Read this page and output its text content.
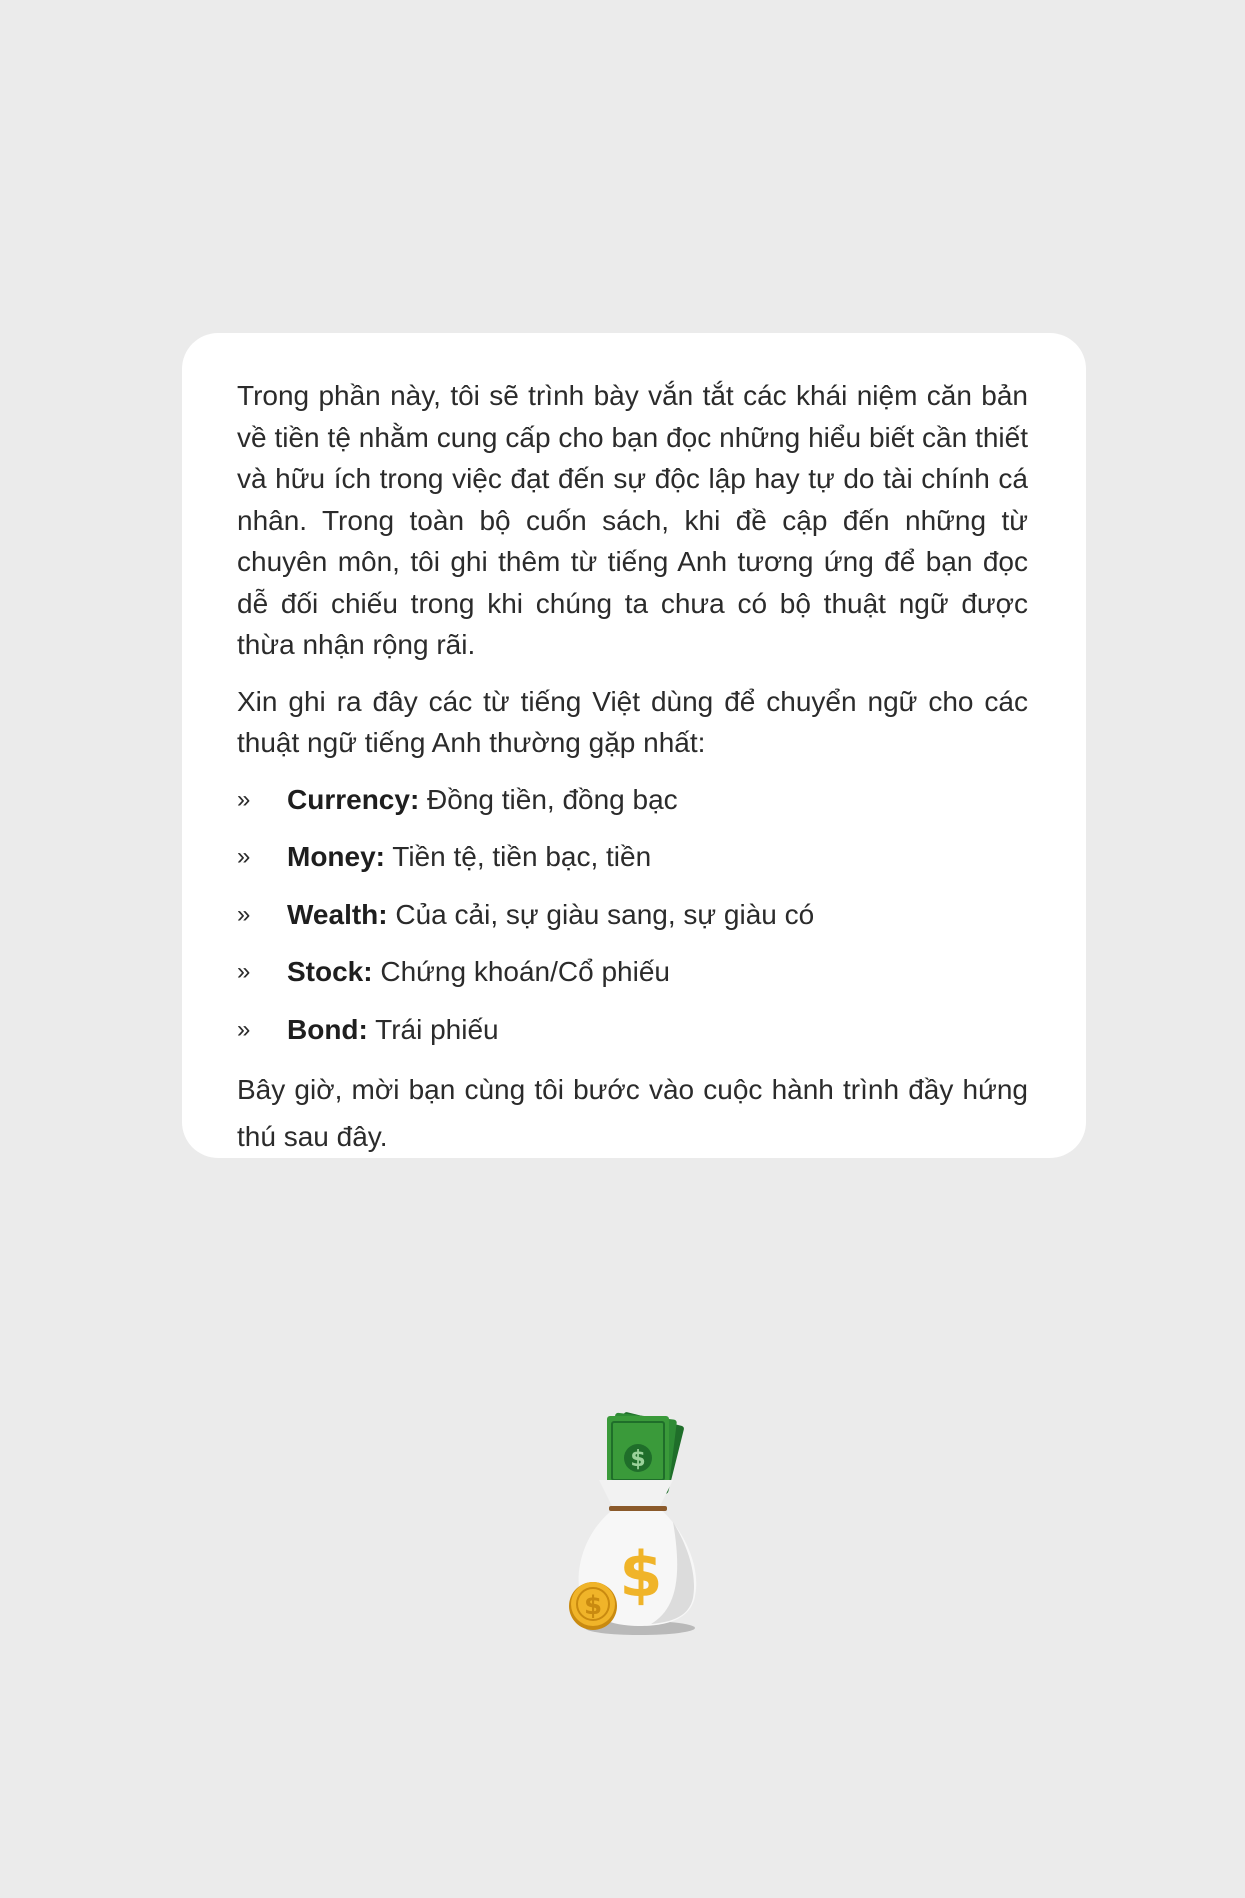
Trong phần này, tôi sẽ trình bày vắn tắt các khái niệm căn bản về tiền tệ nhằm cung cấp cho bạn đọc những hiểu biết cần thiết và hữu ích trong việc đạt đến sự độc lập hay tự do tài chính cá nhân. Trong toàn bộ cuốn sách, khi đề cập đến những từ chuyên môn, tôi ghi thêm từ tiếng Anh tương ứng để bạn đọc dễ đối chiếu trong khi chúng ta chưa có bộ thuật ngữ được thừa nhận rộng rãi.

Xin ghi ra đây các từ tiếng Việt dùng để chuyển ngữ cho các thuật ngữ tiếng Anh thường gặp nhất:

» Currency: Đồng tiền, đồng bạc
» Money: Tiền tệ, tiền bạc, tiền
» Wealth: Của cải, sự giàu sang, sự giàu có
» Stock: Chứng khoán/Cổ phiếu
» Bond: Trái phiếu

Bây giờ, mời bạn cùng tôi bước vào cuộc hành trình đầy hứng thú sau đây.

$
$
$
